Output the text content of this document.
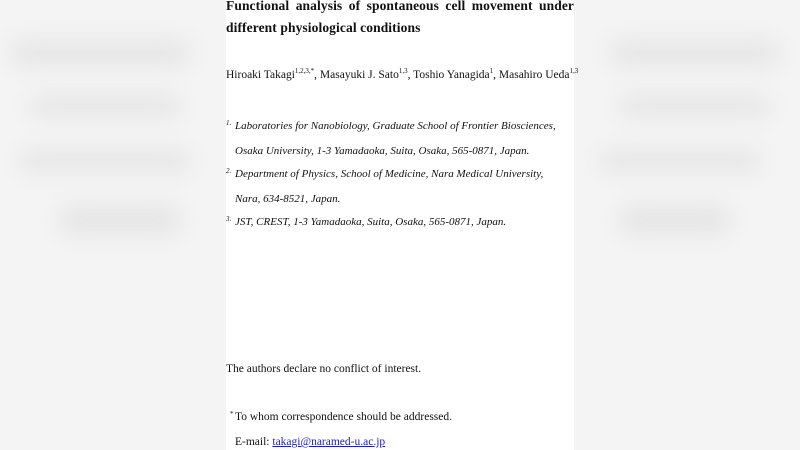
Functional analysis of spontaneous cell movement under
different physiological conditions
Hiroaki Takagi$^{1,2,3,*}$, Masayuki J. Sato$^{1,3}$, Toshio Yanagida$^1$, Masahiro Ueda$^{1,3}$
1. Laboratories for Nanobiology, Graduate School of Frontier Biosciences,
Osaka University, 1-3 Yamadaoka, Suita, Osaka, 565-0871, Japan.
2. Department of Physics, School of Medicine, Nara Medical University,
Nara, 634-8521, Japan.
3. JST, CREST, 1-3 Yamadaoka, Suita, Osaka, 565-0871, Japan.
The authors declare no conflict of interest.
* To whom correspondence should be addressed.
E-mail: takagi@naramed-u.ac.jp
